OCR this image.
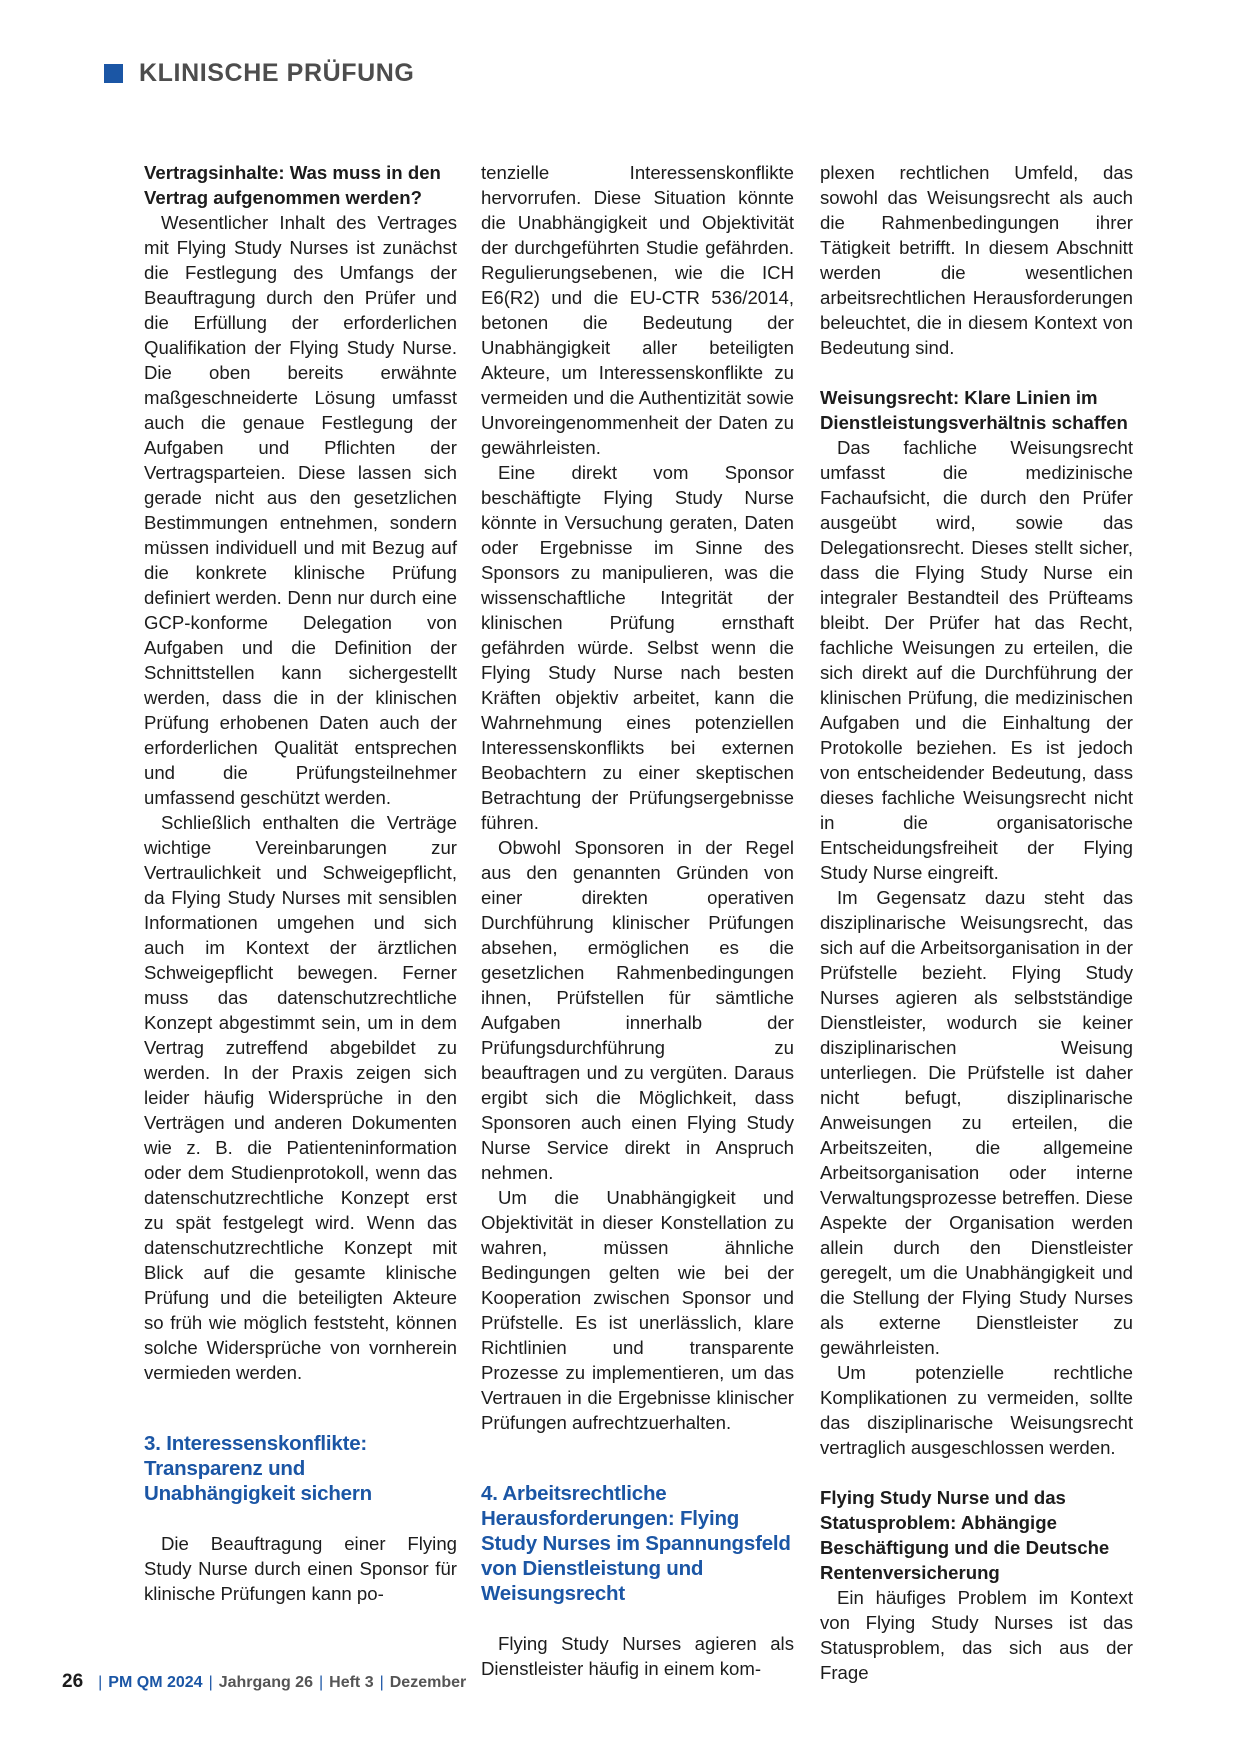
KLINISCHE PRÜFUNG
Vertragsinhalte: Was muss in den Vertrag aufgenommen werden?

Wesentlicher Inhalt des Vertrages mit Flying Study Nurses ist zunächst die Festlegung des Umfangs der Beauftragung durch den Prüfer und die Erfüllung der erforderlichen Qualifikation der Flying Study Nurse. Die oben bereits erwähnte maßgeschneiderte Lösung umfasst auch die genaue Festlegung der Aufgaben und Pflichten der Vertragsparteien. Diese lassen sich gerade nicht aus den gesetzlichen Bestimmungen entnehmen, sondern müssen individuell und mit Bezug auf die konkrete klinische Prüfung definiert werden. Denn nur durch eine GCP-konforme Delegation von Aufgaben und die Definition der Schnittstellen kann sichergestellt werden, dass die in der klinischen Prüfung erhobenen Daten auch der erforderlichen Qualität entsprechen und die Prüfungsteilnehmer umfassend geschützt werden.

Schließlich enthalten die Verträge wichtige Vereinbarungen zur Vertraulichkeit und Schweigepflicht, da Flying Study Nurses mit sensiblen Informationen umgehen und sich auch im Kontext der ärztlichen Schweigepflicht bewegen. Ferner muss das datenschutzrechtliche Konzept abgestimmt sein, um in dem Vertrag zutreffend abgebildet zu werden. In der Praxis zeigen sich leider häufig Widersprüche in den Verträgen und anderen Dokumenten wie z. B. die Patienteninformation oder dem Studienprotokoll, wenn das datenschutzrechtliche Konzept erst zu spät festgelegt wird. Wenn das datenschutzrechtliche Konzept mit Blick auf die gesamte klinische Prüfung und die beteiligten Akteure so früh wie möglich feststeht, können solche Widersprüche von vornherein vermieden werden.

3. Interessenskonflikte: Transparenz und Unabhängigkeit sichern

Die Beauftragung einer Flying Study Nurse durch einen Sponsor für klinische Prüfungen kann po-

tenzielle Interessenskonflikte hervorrufen. Diese Situation könnte die Unabhängigkeit und Objektivität der durchgeführten Studie gefährden. Regulierungsebenen, wie die ICH E6(R2) und die EU-CTR 536/2014, betonen die Bedeutung der Unabhängigkeit aller beteiligten Akteure, um Interessenskonflikte zu vermeiden und die Authentizität sowie Unvoreingenommenheit der Daten zu gewährleisten.

Eine direkt vom Sponsor beschäftigte Flying Study Nurse könnte in Versuchung geraten, Daten oder Ergebnisse im Sinne des Sponsors zu manipulieren, was die wissenschaftliche Integrität der klinischen Prüfung ernsthaft gefährden würde. Selbst wenn die Flying Study Nurse nach besten Kräften objektiv arbeitet, kann die Wahrnehmung eines potenziellen Interessenskonflikts bei externen Beobachtern zu einer skeptischen Betrachtung der Prüfungsergebnisse führen.

Obwohl Sponsoren in der Regel aus den genannten Gründen von einer direkten operativen Durchführung klinischer Prüfungen absehen, ermöglichen es die gesetzlichen Rahmenbedingungen ihnen, Prüfstellen für sämtliche Aufgaben innerhalb der Prüfungsdurchführung zu beauftragen und zu vergüten. Daraus ergibt sich die Möglichkeit, dass Sponsoren auch einen Flying Study Nurse Service direkt in Anspruch nehmen.

Um die Unabhängigkeit und Objektivität in dieser Konstellation zu wahren, müssen ähnliche Bedingungen gelten wie bei der Kooperation zwischen Sponsor und Prüfstelle. Es ist unerlässlich, klare Richtlinien und transparente Prozesse zu implementieren, um das Vertrauen in die Ergebnisse klinischer Prüfungen aufrechtzuerhalten.

4. Arbeitsrechtliche Herausforderungen: Flying Study Nurses im Spannungsfeld von Dienstleistung und Weisungsrecht

Flying Study Nurses agieren als Dienstleister häufig in einem kom-

plexen rechtlichen Umfeld, das sowohl das Weisungsrecht als auch die Rahmenbedingungen ihrer Tätigkeit betrifft. In diesem Abschnitt werden die wesentlichen arbeitsrechtlichen Herausforderungen beleuchtet, die in diesem Kontext von Bedeutung sind.

Weisungsrecht: Klare Linien im Dienstleistungsverhältnis schaffen

Das fachliche Weisungsrecht umfasst die medizinische Fachaufsicht, die durch den Prüfer ausgeübt wird, sowie das Delegationsrecht. Dieses stellt sicher, dass die Flying Study Nurse ein integraler Bestandteil des Prüfteams bleibt. Der Prüfer hat das Recht, fachliche Weisungen zu erteilen, die sich direkt auf die Durchführung der klinischen Prüfung, die medizinischen Aufgaben und die Einhaltung der Protokolle beziehen. Es ist jedoch von entscheidender Bedeutung, dass dieses fachliche Weisungsrecht nicht in die organisatorische Entscheidungsfreiheit der Flying Study Nurse eingreift.

Im Gegensatz dazu steht das disziplinarische Weisungsrecht, das sich auf die Arbeitsorganisation in der Prüfstelle bezieht. Flying Study Nurses agieren als selbstständige Dienstleister, wodurch sie keiner disziplinarischen Weisung unterliegen. Die Prüfstelle ist daher nicht befugt, disziplinarische Anweisungen zu erteilen, die Arbeitszeiten, die allgemeine Arbeitsorganisation oder interne Verwaltungsprozesse betreffen. Diese Aspekte der Organisation werden allein durch den Dienstleister geregelt, um die Unabhängigkeit und die Stellung der Flying Study Nurses als externe Dienstleister zu gewährleisten.

Um potenzielle rechtliche Komplikationen zu vermeiden, sollte das disziplinarische Weisungsrecht vertraglich ausgeschlossen werden.

Flying Study Nurse und das Statusproblem: Abhängige Beschäftigung und die Deutsche Rentenversicherung

Ein häufiges Problem im Kontext von Flying Study Nurses ist das Statusproblem, das sich aus der Frage

26 | PM QM 2024 | Jahrgang 26 | Heft 3 | Dezember
